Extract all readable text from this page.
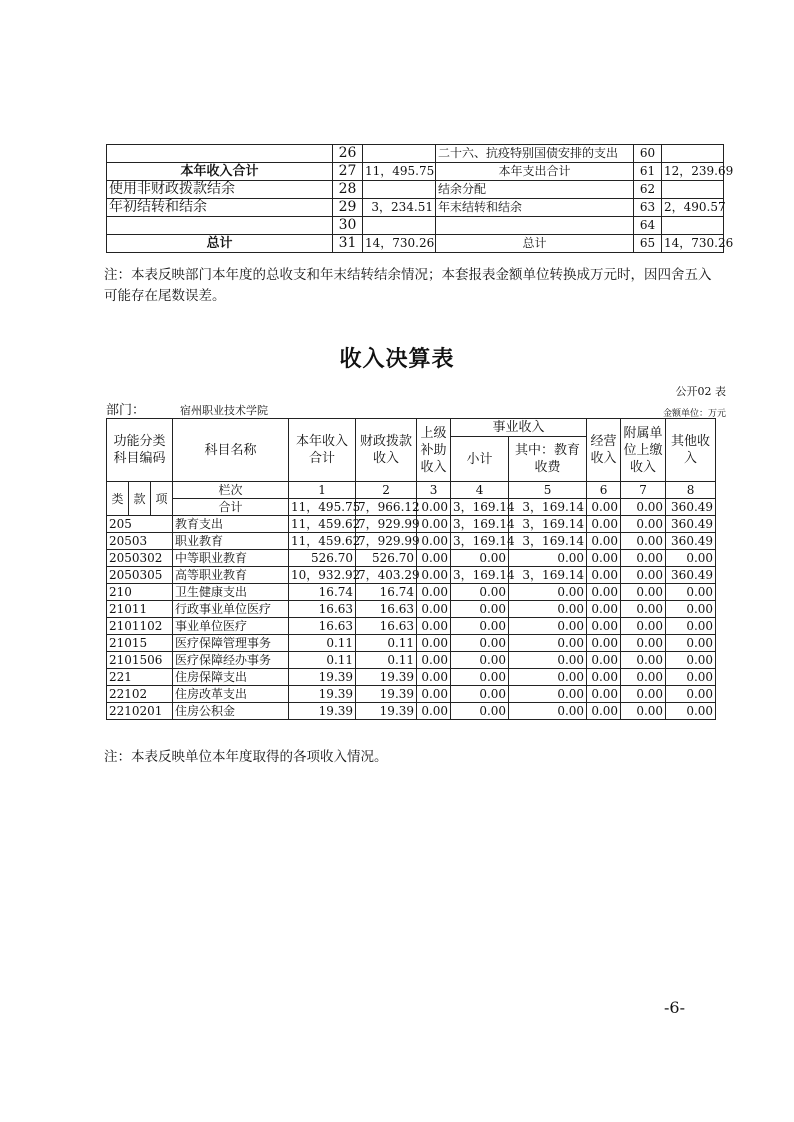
	26		二十六、抗疫特别国债安排的支出	60	
本年收入合计	27	11，495.75	本年支出合计	61	12，239.69
使用非财政拨款结余	28		结余分配	62	
年初结转和结余	29	3，234.51	年末结转和结余	63	2，490.57
	30			64	
总计	31	14，730.26	总计	65	14，730.26
注：本表反映部门本年度的总收支和年末结转结余情况；本套报表金额单位转换成万元时，因四舍五入可能存在尾数误差。
收入决算表
公开02 表
部门：	宿州职业技术学院	金额单位：万元
功能分类科目编码			科目名称	本年收入合计	财政拨款收入	上级补助收入	事业收入		经营收入	附属单位上缴收入	其他收入
							小计	其中：教育收费			

类	款	项	栏次	1	2	3	4	5	6	7	8
			合计	11，495.75	7，966.12	0.00	3，169.14	3，169.14	0.00	0.00	360.49
205			教育支出	11，459.62	7，929.99	0.00	3，169.14	3，169.14	0.00	0.00	360.49
20503			职业教育	11，459.62	7，929.99	0.00	3，169.14	3，169.14	0.00	0.00	360.49
2050302			中等职业教育	526.70	526.70	0.00	0.00	0.00	0.00	0.00	0.00
2050305			高等职业教育	10，932.92	7，403.29	0.00	3，169.14	3，169.14	0.00	0.00	360.49
210			卫生健康支出	16.74	16.74	0.00	0.00	0.00	0.00	0.00	0.00
21011			行政事业单位医疗	16.63	16.63	0.00	0.00	0.00	0.00	0.00	0.00
2101102			事业单位医疗	16.63	16.63	0.00	0.00	0.00	0.00	0.00	0.00
21015			医疗保障管理事务	0.11	0.11	0.00	0.00	0.00	0.00	0.00	0.00
2101506			医疗保障经办事务	0.11	0.11	0.00	0.00	0.00	0.00	0.00	0.00
221			住房保障支出	19.39	19.39	0.00	0.00	0.00	0.00	0.00	0.00
22102			住房改革支出	19.39	19.39	0.00	0.00	0.00	0.00	0.00	0.00
2210201			住房公积金	19.39	19.39	0.00	0.00	0.00	0.00	0.00	0.00
注：本表反映单位本年度取得的各项收入情况。
-6-
